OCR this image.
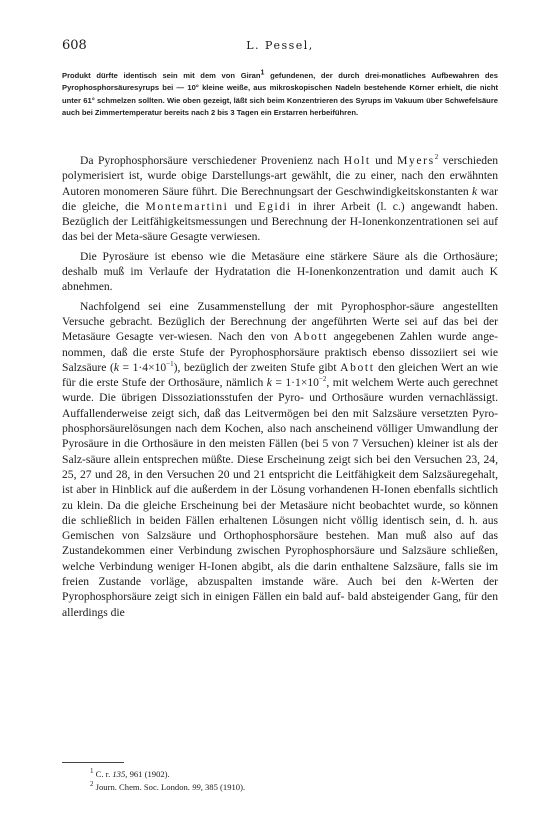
608	L. Pessel,
Produkt dürfte identisch sein mit dem von Giran$^1$ gefundenen, der durch drei-monatliches Aufbewahren des Pyrophosphorsäuresyrups bei — 10° kleine weiße, aus mikroskopischen Nadeln bestehende Körner erhielt, die nicht unter 61° schmelzen sollten. Wie oben gezeigt, läßt sich beim Konzentrieren des Syrups im Vakuum über Schwefelsäure auch bei Zimmertemperatur bereits nach 2 bis 3 Tagen ein Erstarren herbeiführen.

Da Pyrophosphorsäure verschiedener Provenienz nach Holt und Myers$^2$ verschieden polymerisiert ist, wurde obige Darstellungs-art gewählt, die zu einer, nach den erwähnten Autoren monomeren Säure führt. Die Berechnungsart der Geschwindigkeitskonstanten k war die gleiche, die Montemartini und Egidi in ihrer Arbeit (l. c.) angewandt haben. Bezüglich der Leitfähigkeitsmessungen und Berechnung der H-Ionenkonzentrationen sei auf das bei der Meta-säure Gesagte verwiesen.

Die Pyrosäure ist ebenso wie die Metasäure eine stärkere Säure als die Orthosäure; deshalb muß im Verlaufe der Hydratation die H-Ionenkonzentration und damit auch K abnehmen.

Nachfolgend sei eine Zusammenstellung der mit Pyrophosphor-säure angestellten Versuche gebracht. Bezüglich der Berechnung der angeführten Werte sei auf das bei der Metasäure Gesagte ver-wiesen. Nach den von Abott angegebenen Zahlen wurde ange-nommen, daß die erste Stufe der Pyrophosphorsäure praktisch ebenso dissoziiert sei wie Salzsäure $(k = 1\cdot 4\times 10^{-1})$, bezüglich der zweiten Stufe gibt Abott den gleichen Wert an wie für die erste Stufe der Orthosäure, nämlich $k = 1\cdot 1\times 10^{-2}$, mit welchem Werte auch gerechnet wurde. Die übrigen Dissoziationsstufen der Pyro- und Orthosäure wurden vernachlässigt. Auffallenderweise zeigt sich, daß das Leitvermögen bei den mit Salzsäure versetzten Pyro-phosphorsäurelösungen nach dem Kochen, also nach anscheinend völliger Umwandlung der Pyrosäure in die Orthosäure in den meisten Fällen (bei 5 von 7 Versuchen) kleiner ist als der Salz-säure allein entsprechen müßte. Diese Erscheinung zeigt sich bei den Versuchen 23, 24, 25, 27 und 28, in den Versuchen 20 und 21 entspricht die Leitfähigkeit dem Salzsäuregehalt, ist aber in Hinblick auf die außerdem in der Lösung vorhandenen H-Ionen ebenfalls sichtlich zu klein. Da die gleiche Erscheinung bei der Metasäure nicht beobachtet wurde, so können die schließlich in beiden Fällen erhaltenen Lösungen nicht völlig identisch sein, d. h. aus Gemischen von Salzsäure und Orthophosphorsäure bestehen. Man muß also auf das Zustandekommen einer Verbindung zwischen Pyrophosphorsäure und Salzsäure schließen, welche Verbindung weniger H-Ionen abgibt, als die darin enthaltene Salzsäure, falls sie im freien Zustande vorläge, abzuspalten imstande wäre. Auch bei den k-Werten der Pyrophosphorsäure zeigt sich in einigen Fällen ein bald auf- bald absteigender Gang, für den allerdings die

$^1$ C. r. 135, 961 (1902).
$^2$ Journ. Chem. Soc. London. 99, 385 (1910).
